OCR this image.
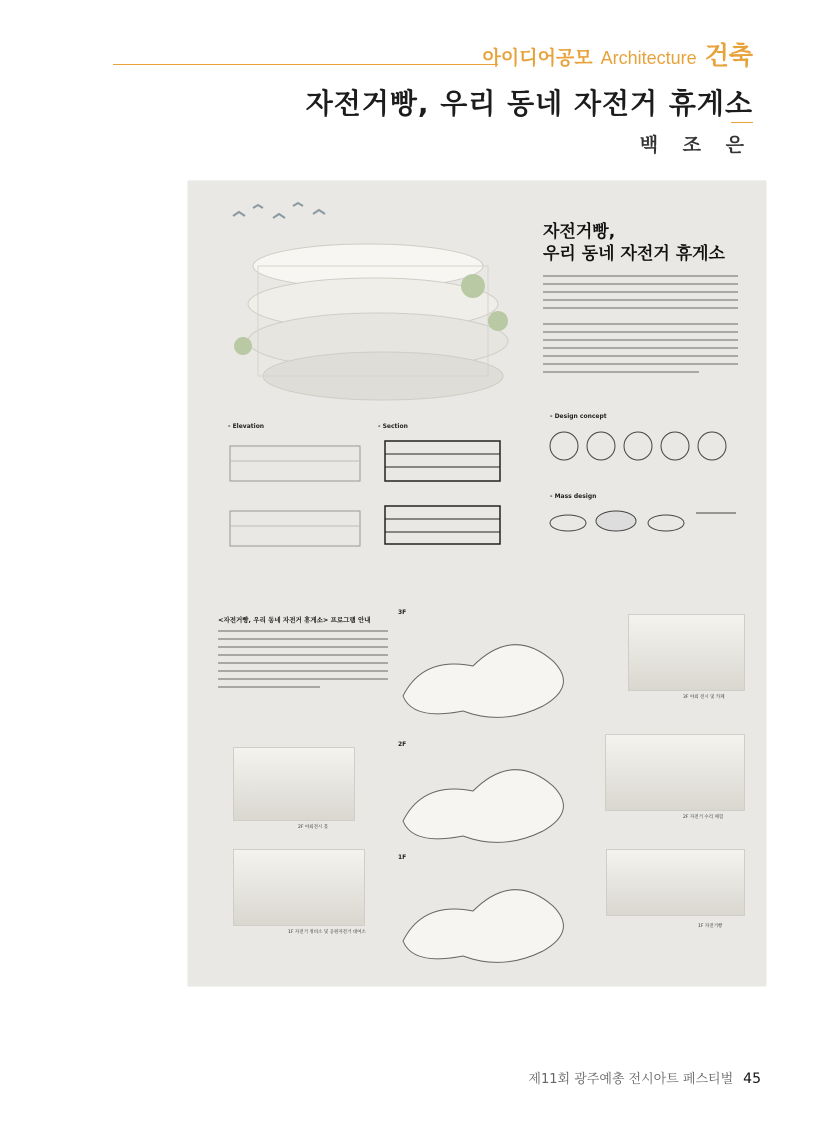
아이디어공모 Architecture 건축
자전거빵, 우리 동네 자전거 휴게소
백 조 은
자전거빵,
우리 동네 자전거 휴게소
- Elevation	- Section
- Design concept
- Mass design
<자전거빵, 우리 동네 자전거 휴게소> 프로그램 안내
3F
2F
1F
3F 야외 전시 및 카페
2F 야외전시 홀
2F 자전거 수리 체험
1F 자전거 정비소 및 공원자전거 대여소
1F 자전거빵
제11회 광주예총 전시아트 페스티벌 45
